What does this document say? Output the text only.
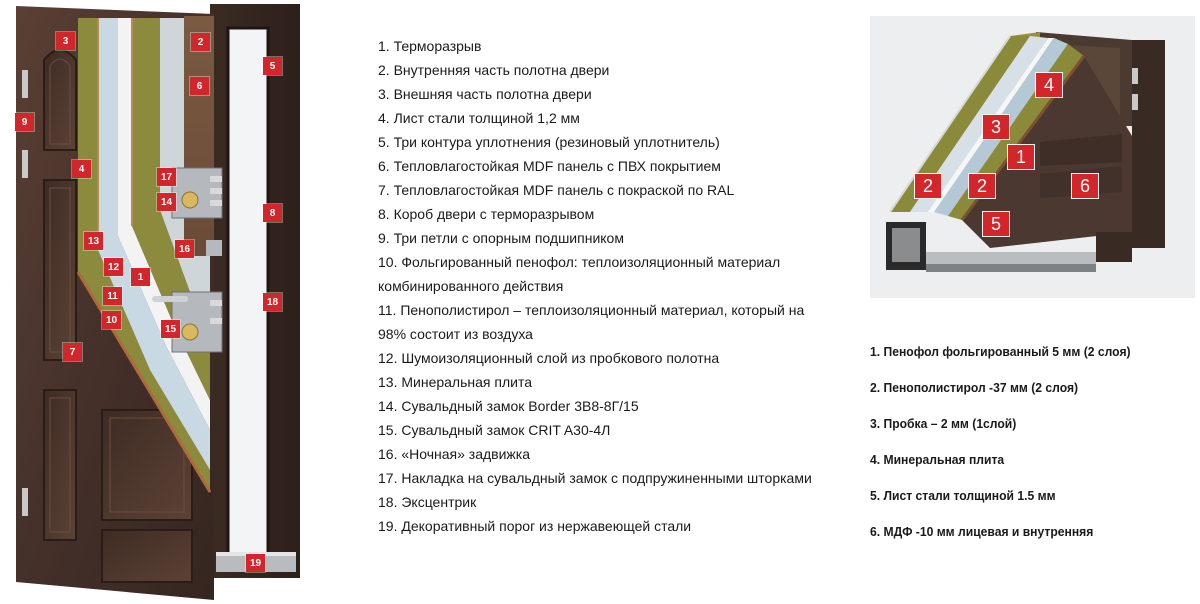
3	2
5
6
9
4
17
14
8
13
16
12
1
11
18
10
15
7
19
1. Терморазрыв
2. Внутренняя часть полотна двери
3. Внешняя часть полотна двери
4. Лист стали толщиной 1,2 мм
5. Три контура уплотнения (резиновый уплотнитель)
6. Тепловлагостойкая MDF панель с ПВХ покрытием
7. Тепловлагостойкая MDF панель с покраской по RAL
8. Короб двери с терморазрывом
9. Три петли с опорным подшипником
10. Фольгированный пенофол: теплоизоляционный материал
комбинированного действия
11. Пенополистирол – теплоизоляционный материал, который на
98% состоит из воздуха
12. Шумоизоляционный слой из пробкового полотна
13. Минеральная плита
14. Сувальдный замок Border 3В8-8Г/15
15. Сувальдный замок CRIT A30-4Л
16. «Ночная» задвижка
17. Накладка на сувальдный замок с подпружиненными шторками
18. Эксцентрик
19. Декоративный порог из нержавеющей стали
4
3
1
2	2	6
5
1. Пенофол фольгированный 5 мм (2 слоя)
2. Пенополистирол -37 мм (2 слоя)
3. Пробка – 2 мм (1слой)
4. Минеральная плита
5. Лист стали толщиной 1.5 мм
6. МДФ -10 мм лицевая и внутренняя
